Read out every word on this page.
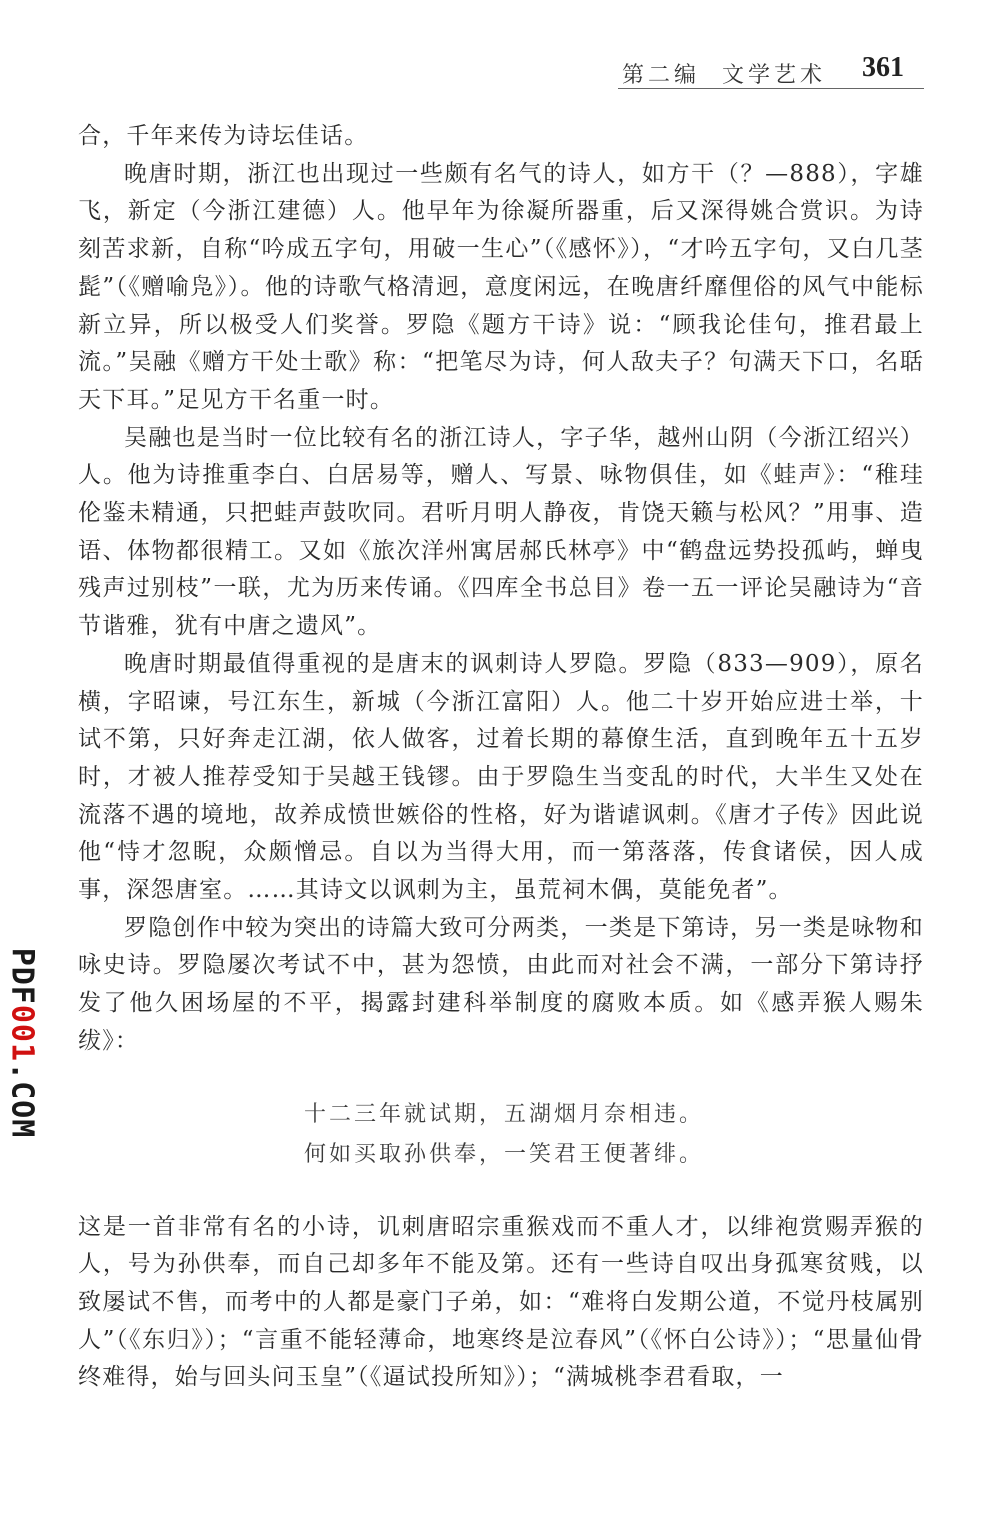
第二编  文学艺术 361
PDF001.COM

合，千年来传为诗坛佳话。

晚唐时期，浙江也出现过一些颇有名气的诗人，如方干（？—888），字雄飞，新定（今浙江建德）人。他早年为徐凝所器重，后又深得姚合赏识。为诗刻苦求新，自称“吟成五字句，用破一生心”（《感怀》），“才吟五字句，又白几茎髭”（《赠喻凫》）。他的诗歌气格清迥，意度闲远，在晚唐纤靡俚俗的风气中能标新立异，所以极受人们奖誉。罗隐《题方干诗》说：“顾我论佳句，推君最上流。”吴融《赠方干处士歌》称：“把笔尽为诗，何人敌夫子？句满天下口，名聒天下耳。”足见方干名重一时。

吴融也是当时一位比较有名的浙江诗人，字子华，越州山阴（今浙江绍兴）人。他为诗推重李白、白居易等，赠人、写景、咏物俱佳，如《蛙声》：“稚珪伦鉴未精通，只把蛙声鼓吹同。君听月明人静夜，肯饶天籁与松风？”用事、造语、体物都很精工。又如《旅次洋州寓居郝氏林亭》中“鹤盘远势投孤屿，蝉曳残声过别枝”一联，尤为历来传诵。《四库全书总目》卷一五一评论吴融诗为“音节谐雅，犹有中唐之遗风”。

晚唐时期最值得重视的是唐末的讽刺诗人罗隐。罗隐（833—909），原名横，字昭谏，号江东生，新城（今浙江富阳）人。他二十岁开始应进士举，十试不第，只好奔走江湖，依人做客，过着长期的幕僚生活，直到晚年五十五岁时，才被人推荐受知于吴越王钱镠。由于罗隐生当变乱的时代，大半生又处在流落不遇的境地，故养成愤世嫉俗的性格，好为谐谑讽刺。《唐才子传》因此说他“恃才忽睨，众颇憎忌。自以为当得大用，而一第落落，传食诸侯，因人成事，深怨唐室。……其诗文以讽刺为主，虽荒祠木偶，莫能免者”。

罗隐创作中较为突出的诗篇大致可分两类，一类是下第诗，另一类是咏物和咏史诗。罗隐屡次考试不中，甚为怨愤，由此而对社会不满，一部分下第诗抒发了他久困场屋的不平，揭露封建科举制度的腐败本质。如《感弄猴人赐朱绂》：

十二三年就试期，五湖烟月奈相违。
何如买取孙供奉，一笑君王便著绯。

这是一首非常有名的小诗，讥刺唐昭宗重猴戏而不重人才，以绯袍赏赐弄猴的人，号为孙供奉，而自己却多年不能及第。还有一些诗自叹出身孤寒贫贱，以致屡试不售，而考中的人都是豪门子弟，如：“难将白发期公道，不觉丹枝属别人”（《东归》）；“言重不能轻薄命，地寒终是泣春风”（《怀白公诗》）；“思量仙骨终难得，始与回头问玉皇”（《逼试投所知》）；“满城桃李君看取，一
